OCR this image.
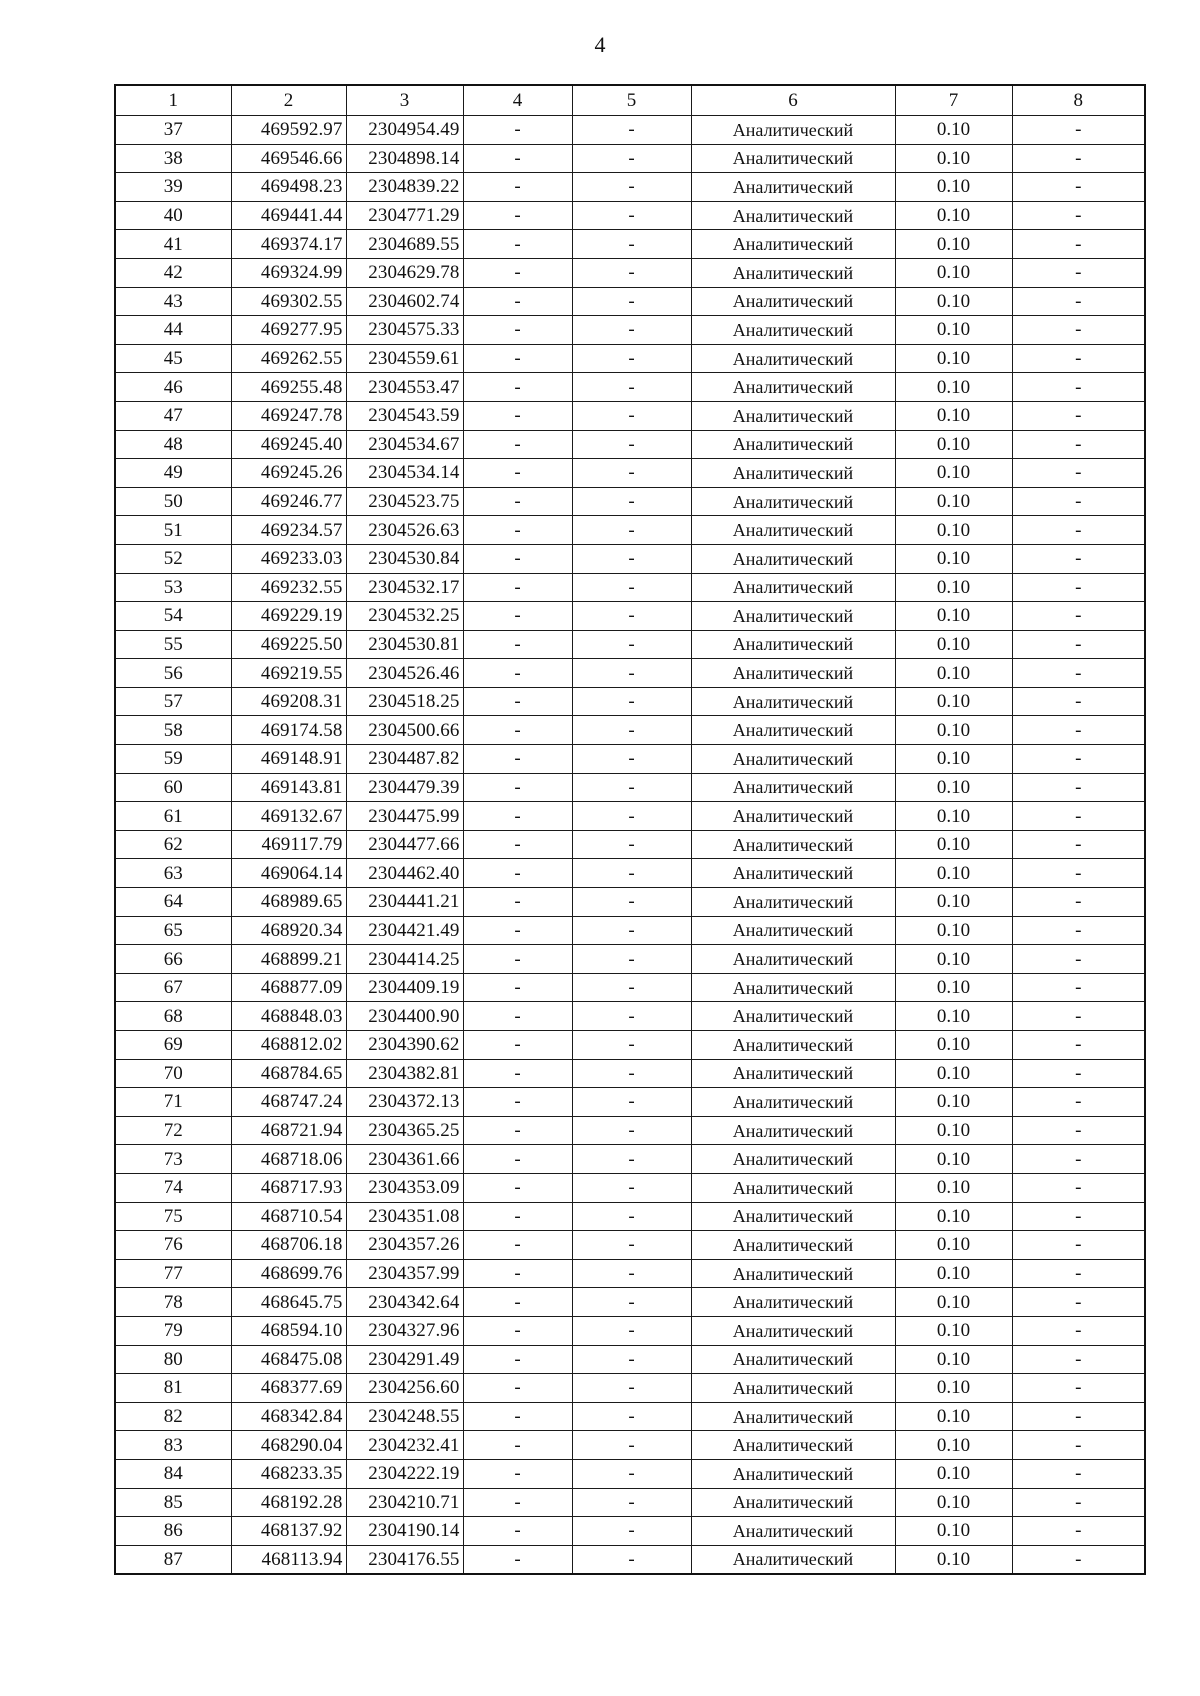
4
1	2	3	4	5	6	7	8
37	469592.97	2304954.49	-	-	Аналитический	0.10	-
38	469546.66	2304898.14	-	-	Аналитический	0.10	-
39	469498.23	2304839.22	-	-	Аналитический	0.10	-
40	469441.44	2304771.29	-	-	Аналитический	0.10	-
41	469374.17	2304689.55	-	-	Аналитический	0.10	-
42	469324.99	2304629.78	-	-	Аналитический	0.10	-
43	469302.55	2304602.74	-	-	Аналитический	0.10	-
44	469277.95	2304575.33	-	-	Аналитический	0.10	-
45	469262.55	2304559.61	-	-	Аналитический	0.10	-
46	469255.48	2304553.47	-	-	Аналитический	0.10	-
47	469247.78	2304543.59	-	-	Аналитический	0.10	-
48	469245.40	2304534.67	-	-	Аналитический	0.10	-
49	469245.26	2304534.14	-	-	Аналитический	0.10	-
50	469246.77	2304523.75	-	-	Аналитический	0.10	-
51	469234.57	2304526.63	-	-	Аналитический	0.10	-
52	469233.03	2304530.84	-	-	Аналитический	0.10	-
53	469232.55	2304532.17	-	-	Аналитический	0.10	-
54	469229.19	2304532.25	-	-	Аналитический	0.10	-
55	469225.50	2304530.81	-	-	Аналитический	0.10	-
56	469219.55	2304526.46	-	-	Аналитический	0.10	-
57	469208.31	2304518.25	-	-	Аналитический	0.10	-
58	469174.58	2304500.66	-	-	Аналитический	0.10	-
59	469148.91	2304487.82	-	-	Аналитический	0.10	-
60	469143.81	2304479.39	-	-	Аналитический	0.10	-
61	469132.67	2304475.99	-	-	Аналитический	0.10	-
62	469117.79	2304477.66	-	-	Аналитический	0.10	-
63	469064.14	2304462.40	-	-	Аналитический	0.10	-
64	468989.65	2304441.21	-	-	Аналитический	0.10	-
65	468920.34	2304421.49	-	-	Аналитический	0.10	-
66	468899.21	2304414.25	-	-	Аналитический	0.10	-
67	468877.09	2304409.19	-	-	Аналитический	0.10	-
68	468848.03	2304400.90	-	-	Аналитический	0.10	-
69	468812.02	2304390.62	-	-	Аналитический	0.10	-
70	468784.65	2304382.81	-	-	Аналитический	0.10	-
71	468747.24	2304372.13	-	-	Аналитический	0.10	-
72	468721.94	2304365.25	-	-	Аналитический	0.10	-
73	468718.06	2304361.66	-	-	Аналитический	0.10	-
74	468717.93	2304353.09	-	-	Аналитический	0.10	-
75	468710.54	2304351.08	-	-	Аналитический	0.10	-
76	468706.18	2304357.26	-	-	Аналитический	0.10	-
77	468699.76	2304357.99	-	-	Аналитический	0.10	-
78	468645.75	2304342.64	-	-	Аналитический	0.10	-
79	468594.10	2304327.96	-	-	Аналитический	0.10	-
80	468475.08	2304291.49	-	-	Аналитический	0.10	-
81	468377.69	2304256.60	-	-	Аналитический	0.10	-
82	468342.84	2304248.55	-	-	Аналитический	0.10	-
83	468290.04	2304232.41	-	-	Аналитический	0.10	-
84	468233.35	2304222.19	-	-	Аналитический	0.10	-
85	468192.28	2304210.71	-	-	Аналитический	0.10	-
86	468137.92	2304190.14	-	-	Аналитический	0.10	-
87	468113.94	2304176.55	-	-	Аналитический	0.10	-
